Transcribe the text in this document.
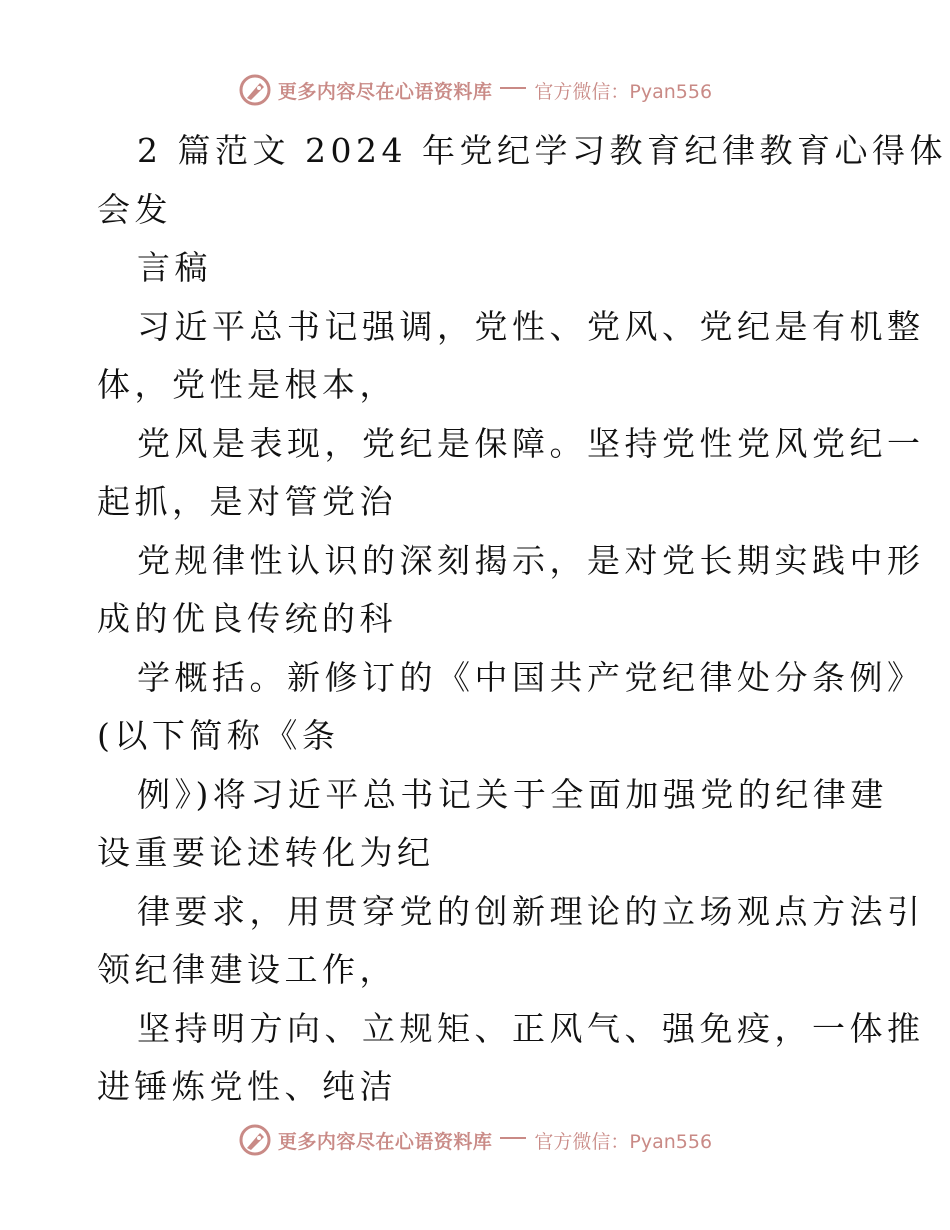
更多内容尽在心语资料库 官方微信：Pyan556
2 篇范文 2024 年党纪学习教育纪律教育心得体
会发
言稿
习近平总书记强调，党性、党风、党纪是有机整
体，党性是根本，
党风是表现，党纪是保障。坚持党性党风党纪一
起抓，是对管党治
党规律性认识的深刻揭示，是对党长期实践中形
成的优良传统的科
学概括。新修订的《中国共产党纪律处分条例》
(以下简称《条
例》)将习近平总书记关于全面加强党的纪律建
设重要论述转化为纪
律要求，用贯穿党的创新理论的立场观点方法引
领纪律建设工作，
坚持明方向、立规矩、正风气、强免疫，一体推
进锤炼党性、纯洁
更多内容尽在心语资料库 官方微信：Pyan556
